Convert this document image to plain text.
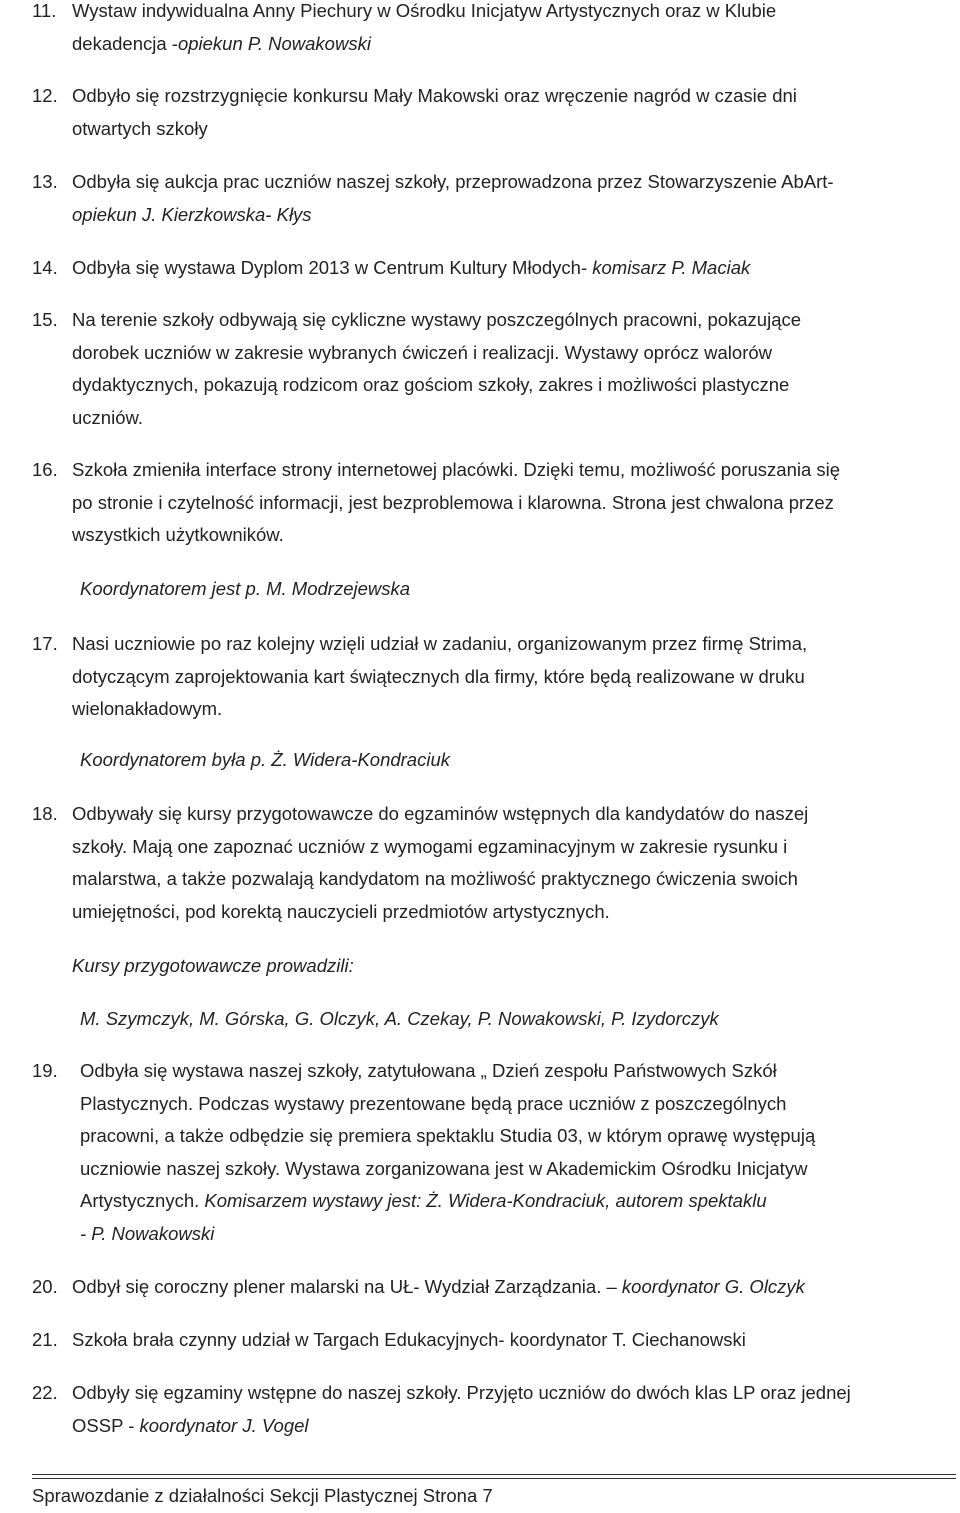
11. Wystaw indywidualna Anny Piechury w Ośrodku Inicjatyw Artystycznych oraz w Klubie
dekadencja -opiekun P. Nowakowski
12. Odbyło się rozstrzygnięcie konkursu Mały Makowski oraz wręczenie nagród w czasie dni
otwartych szkoły
13. Odbyła się aukcja prac uczniów naszej szkoły, przeprowadzona przez Stowarzyszenie AbArt-
opiekun J. Kierzkowska- Kłys
14. Odbyła się wystawa Dyplom 2013 w Centrum Kultury Młodych- komisarz P. Maciak
15. Na terenie szkoły odbywają się cykliczne wystawy poszczególnych pracowni, pokazujące
dorobek uczniów w zakresie wybranych ćwiczeń i realizacji. Wystawy oprócz walorów
dydaktycznych, pokazują rodzicom oraz gościom szkoły, zakres i możliwości plastyczne
uczniów.
16. Szkoła zmieniła interface strony internetowej placówki. Dzięki temu, możliwość poruszania się
po stronie i czytelność informacji, jest bezproblemowa i klarowna. Strona jest chwalona przez
wszystkich użytkowników.
Koordynatorem jest p. M. Modrzejewska
17. Nasi uczniowie po raz kolejny wzięli udział w zadaniu, organizowanym przez firmę Strima,
dotyczącym zaprojektowania kart świątecznych dla firmy, które będą realizowane w druku
wielonakładowym.
Koordynatorem była p. Ż. Widera-Kondraciuk
18. Odbywały się kursy przygotowawcze do egzaminów wstępnych dla kandydatów do naszej
szkoły. Mają one zapoznać uczniów z wymogami egzaminacyjnym w zakresie rysunku i
malarstwa, a także pozwalają kandydatom na możliwość praktycznego ćwiczenia swoich
umiejętności, pod korektą nauczycieli przedmiotów artystycznych.
Kursy przygotowawcze prowadzili:
M. Szymczyk, M. Górska, G. Olczyk, A. Czekay, P. Nowakowski, P. Izydorczyk
19.	Odbyła się wystawa naszej szkoły, zatytułowana „ Dzień zespołu Państwowych Szkół
Plastycznych. Podczas wystawy prezentowane będą prace uczniów z poszczególnych
pracowni, a także odbędzie się premiera spektaklu Studia 03, w którym oprawę występują
uczniowie naszej szkoły. Wystawa zorganizowana jest w Akademickim Ośrodku Inicjatyw
Artystycznych. Komisarzem wystawy jest: Ż. Widera-Kondraciuk, autorem spektaklu
- P. Nowakowski
20. Odbył się coroczny plener malarski na UŁ- Wydział Zarządzania. – koordynator G. Olczyk
21. Szkoła brała czynny udział w Targach Edukacyjnych- koordynator T. Ciechanowski
22. Odbyły się egzaminy wstępne do naszej szkoły. Przyjęto uczniów do dwóch klas LP oraz jednej
OSSP - koordynator J. Vogel
Sprawozdanie z działalności Sekcji Plastycznej Strona 7
